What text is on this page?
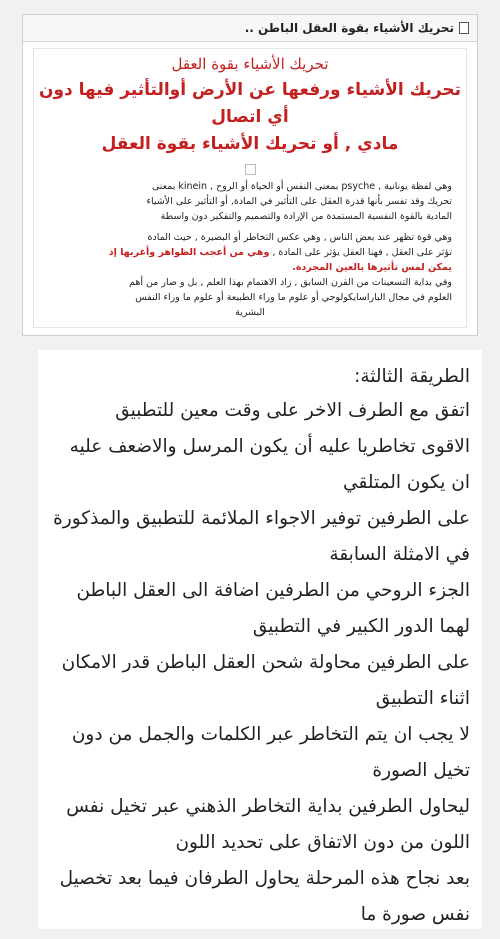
تحريك الأشياء بقوة العقل الباطن ..
تحريك الأشياء بقوة العقل
تحريك الأشياء ورفعها عن الأرض أوالتأثير فيها دون
أي اتصال
مادي , أو تحريك الأشياء بقوة العقل
وهي لفظة يونانية , psyche بمعنى النفس أو الحياة أو الروح , kinein بمعنى
تحريك وقد تفسر بأنها قدرة العقل على التأثير في المادة, أو التأثير على الأشياء
المادية بالقوة النفسية المستمدة من الإرادة والتصميم والتفكير دون واسطة
وهي قوة تظهر عند بعض الناس , وهي عكس التخاطر أو البصيرة , حيث المادة
تؤثر على العقل , فهنا العقل يؤثر على المادة , وهي من أعجب الظواهر وأغربها إذ
يمكن لمس تأثيرها بالعين المجردة.
وفي بداية التسعينات من القرن السابق , زاد الاهتمام بهذا العلم , بل و صار من أهم
العلوم في مجال الباراسايكولوجي أو علوم ما وراء الطبيعة أو علوم ما وراء النفس
البشرية
الطريقة الثالثة:
اتفق مع الطرف الاخر على وقت معين للتطبيق
الاقوى تخاطريا عليه أن يكون المرسل والاضعف عليه
ان يكون المتلقي
على الطرفين توفير الاجواء الملائمة للتطبيق والمذكورة
في الامثلة السابقة
الجزء الروحي من الطرفين اضافة الى العقل الباطن
لهما الدور الكبير في التطبيق
على الطرفين محاولة شحن العقل الباطن قدر الامكان
اثناء التطبيق
لا يجب ان يتم التخاطر عبر الكلمات والجمل من دون
تخيل الصورة
ليحاول الطرفين بداية التخاطر الذهني عبر تخيل نفس
اللون من دون الاتفاق على تحديد اللون
بعد نجاح هذه المرحلة يحاول الطرفان فيما بعد تخصيل
نفس صورة ما
